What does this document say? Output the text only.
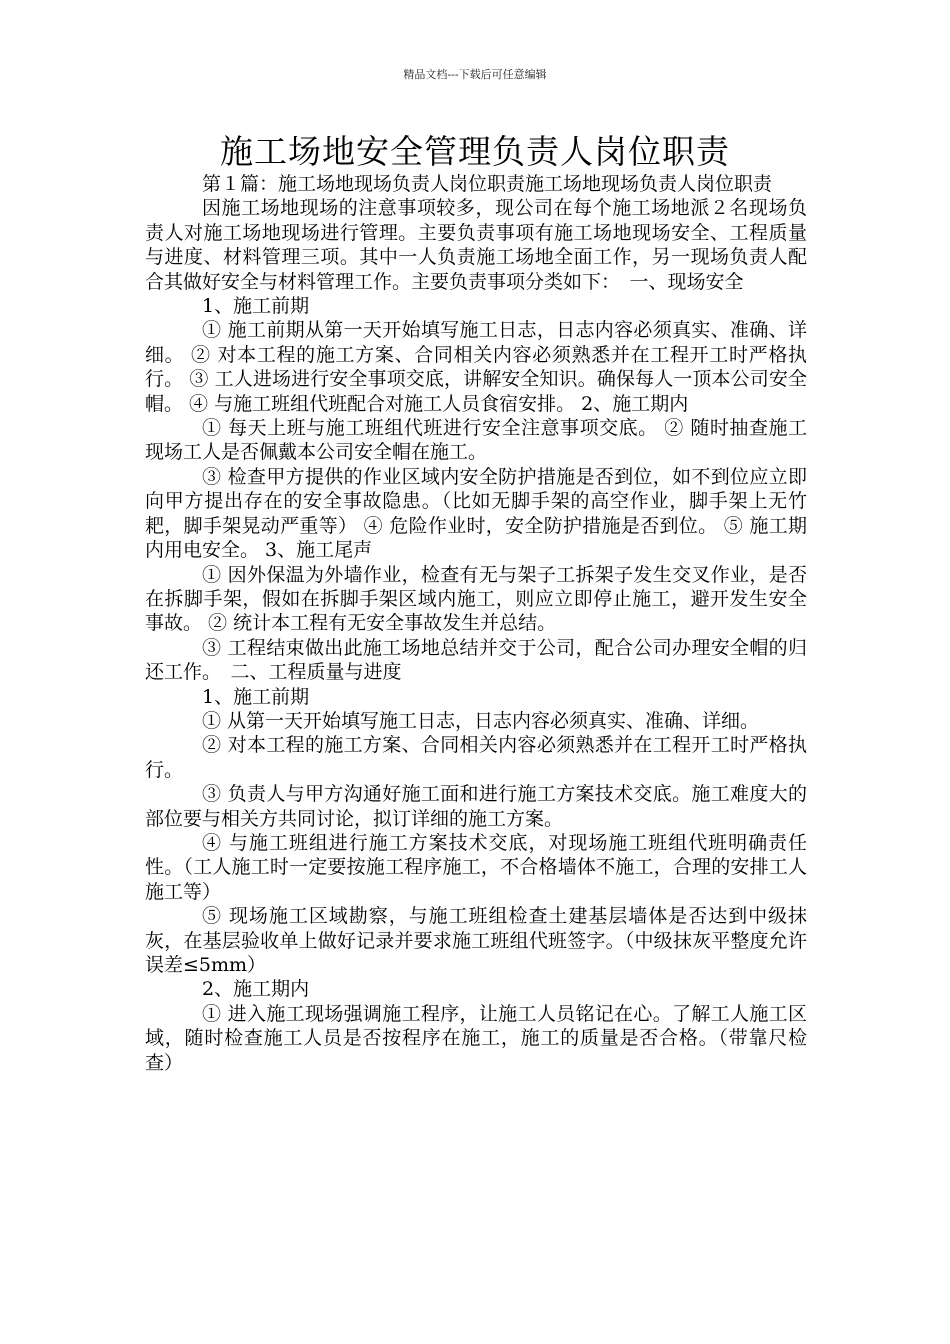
精品文档---下载后可任意编辑
施工场地安全管理负责人岗位职责

第１篇：施工场地现场负责人岗位职责施工场地现场负责人岗位职责

因施工场地现场的注意事项较多，现公司在每个施工场地派２名现场负责人对施工场地现场进行管理。主要负责事项有施工场地现场安全、工程质量与进度、材料管理三项。其中一人负责施工场地全面工作，另一现场负责人配合其做好安全与材料管理工作。主要负责事项分类如下：　一、现场安全

1、施工前期

① 施工前期从第一天开始填写施工日志，日志内容必须真实、准确、详细。 ② 对本工程的施工方案、合同相关内容必须熟悉并在工程开工时严格执行。 ③ 工人进场进行安全事项交底，讲解安全知识。确保每人一顶本公司安全帽。 ④ 与施工班组代班配合对施工人员食宿安排。 2、施工期内

① 每天上班与施工班组代班进行安全注意事项交底。 ② 随时抽查施工现场工人是否佩戴本公司安全帽在施工。

③ 检查甲方提供的作业区域内安全防护措施是否到位，如不到位应立即向甲方提出存在的安全事故隐患。（比如无脚手架的高空作业，脚手架上无竹耙，脚手架晃动严重等） ④ 危险作业时，安全防护措施是否到位。 ⑤ 施工期内用电安全。 3、施工尾声

① 因外保温为外墙作业，检查有无与架子工拆架子发生交叉作业，是否在拆脚手架，假如在拆脚手架区域内施工，则应立即停止施工，避开发生安全事故。 ② 统计本工程有无安全事故发生并总结。

③ 工程结束做出此施工场地总结并交于公司，配合公司办理安全帽的归还工作。　二、工程质量与进度

1、施工前期

① 从第一天开始填写施工日志，日志内容必须真实、准确、详细。

② 对本工程的施工方案、合同相关内容必须熟悉并在工程开工时严格执行。

③ 负责人与甲方沟通好施工面和进行施工方案技术交底。施工难度大的部位要与相关方共同讨论，拟订详细的施工方案。

④ 与施工班组进行施工方案技术交底，对现场施工班组代班明确责任性。（工人施工时一定要按施工程序施工，不合格墙体不施工，合理的安排工人施工等）

⑤ 现场施工区域勘察，与施工班组检查土建基层墙体是否达到中级抹灰，在基层验收单上做好记录并要求施工班组代班签字。（中级抹灰平整度允许误差≤5mm）

2、施工期内

① 进入施工现场强调施工程序，让施工人员铭记在心。了解工人施工区域，随时检查施工人员是否按程序在施工，施工的质量是否合格。（带靠尺检查）
